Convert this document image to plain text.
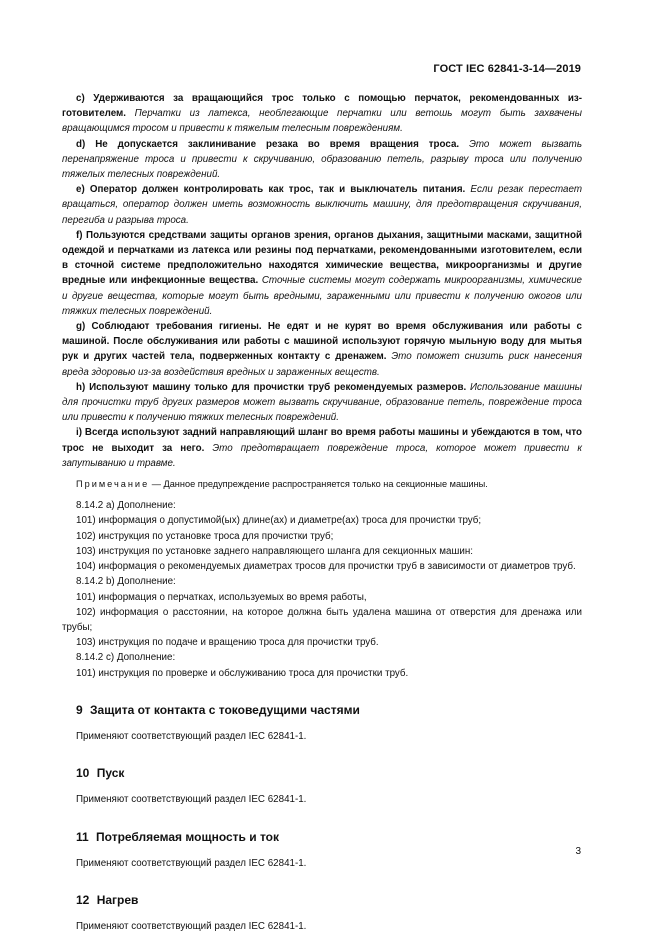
ГОСТ IEC 62841-3-14—2019

c) Удерживаются за вращающийся трос только с помощью перчаток, рекомендованных из-готовителем. Перчатки из латекса, необлегающие перчатки или ветошь могут быть захвачены вращающимся тросом и привести к тяжелым телесным повреждениям.

d) Не допускается заклинивание резака во время вращения троса. Это может вызвать перенапряжение троса и привести к скручиванию, образованию петель, разрыву троса или получению тяжелых телесных повреждений.

e) Оператор должен контролировать как трос, так и выключатель питания. Если резак перестает вращаться, оператор должен иметь возможность выключить машину, для предотвращения скручивания, перегиба и разрыва троса.

f) Пользуются средствами защиты органов зрения, органов дыхания, защитными масками, защитной одеждой и перчатками из латекса или резины под перчатками, рекомендованными изготовителем, если в сточной системе предположительно находятся химические вещества, микроорганизмы и другие вредные или инфекционные вещества. Сточные системы могут содержать микроорганизмы, химические и другие вещества, которые могут быть вредными, зараженными или привести к получению ожогов или тяжких телесных повреждений.

g) Соблюдают требования гигиены. Не едят и не курят во время обслуживания или работы с машиной. После обслуживания или работы с машиной используют горячую мыльную воду для мытья рук и других частей тела, подверженных контакту с дренажем. Это поможет снизить риск нанесения вреда здоровью из-за воздействия вредных и зараженных веществ.

h) Используют машину только для прочистки труб рекомендуемых размеров. Использование машины для прочистки труб других размеров может вызвать скручивание, образование петель, повреждение троса или привести к получению тяжких телесных повреждений.

i) Всегда используют задний направляющий шланг во время работы машины и убеждаются в том, что трос не выходит за него. Это предотвращает повреждение троса, которое может привести к запутыванию и травме.

Примечание — Данное предупреждение распространяется только на секционные машины.

8.14.2 a) Дополнение:

101) информация о допустимой(ых) длине(ах) и диаметре(ах) троса для прочистки труб;

102) инструкция по установке троса для прочистки труб;

103) инструкция по установке заднего направляющего шланга для секционных машин:

104) информация о рекомендуемых диаметрах тросов для прочистки труб в зависимости от диаметров труб.

8.14.2 b) Дополнение:

101) информация о перчатках, используемых во время работы,

102) информация о расстоянии, на которое должна быть удалена машина от отверстия для дренажа или трубы;

103) инструкция по подаче и вращению троса для прочистки труб.

8.14.2 c) Дополнение:

101) инструкция по проверке и обслуживанию троса для прочистки труб.

9 Защита от контакта с токоведущими частями

Применяют соответствующий раздел IEC 62841-1.

10 Пуск

Применяют соответствующий раздел IEC 62841-1.

11 Потребляемая мощность и ток

Применяют соответствующий раздел IEC 62841-1.

12 Нагрев

Применяют соответствующий раздел IEC 62841-1.

3
